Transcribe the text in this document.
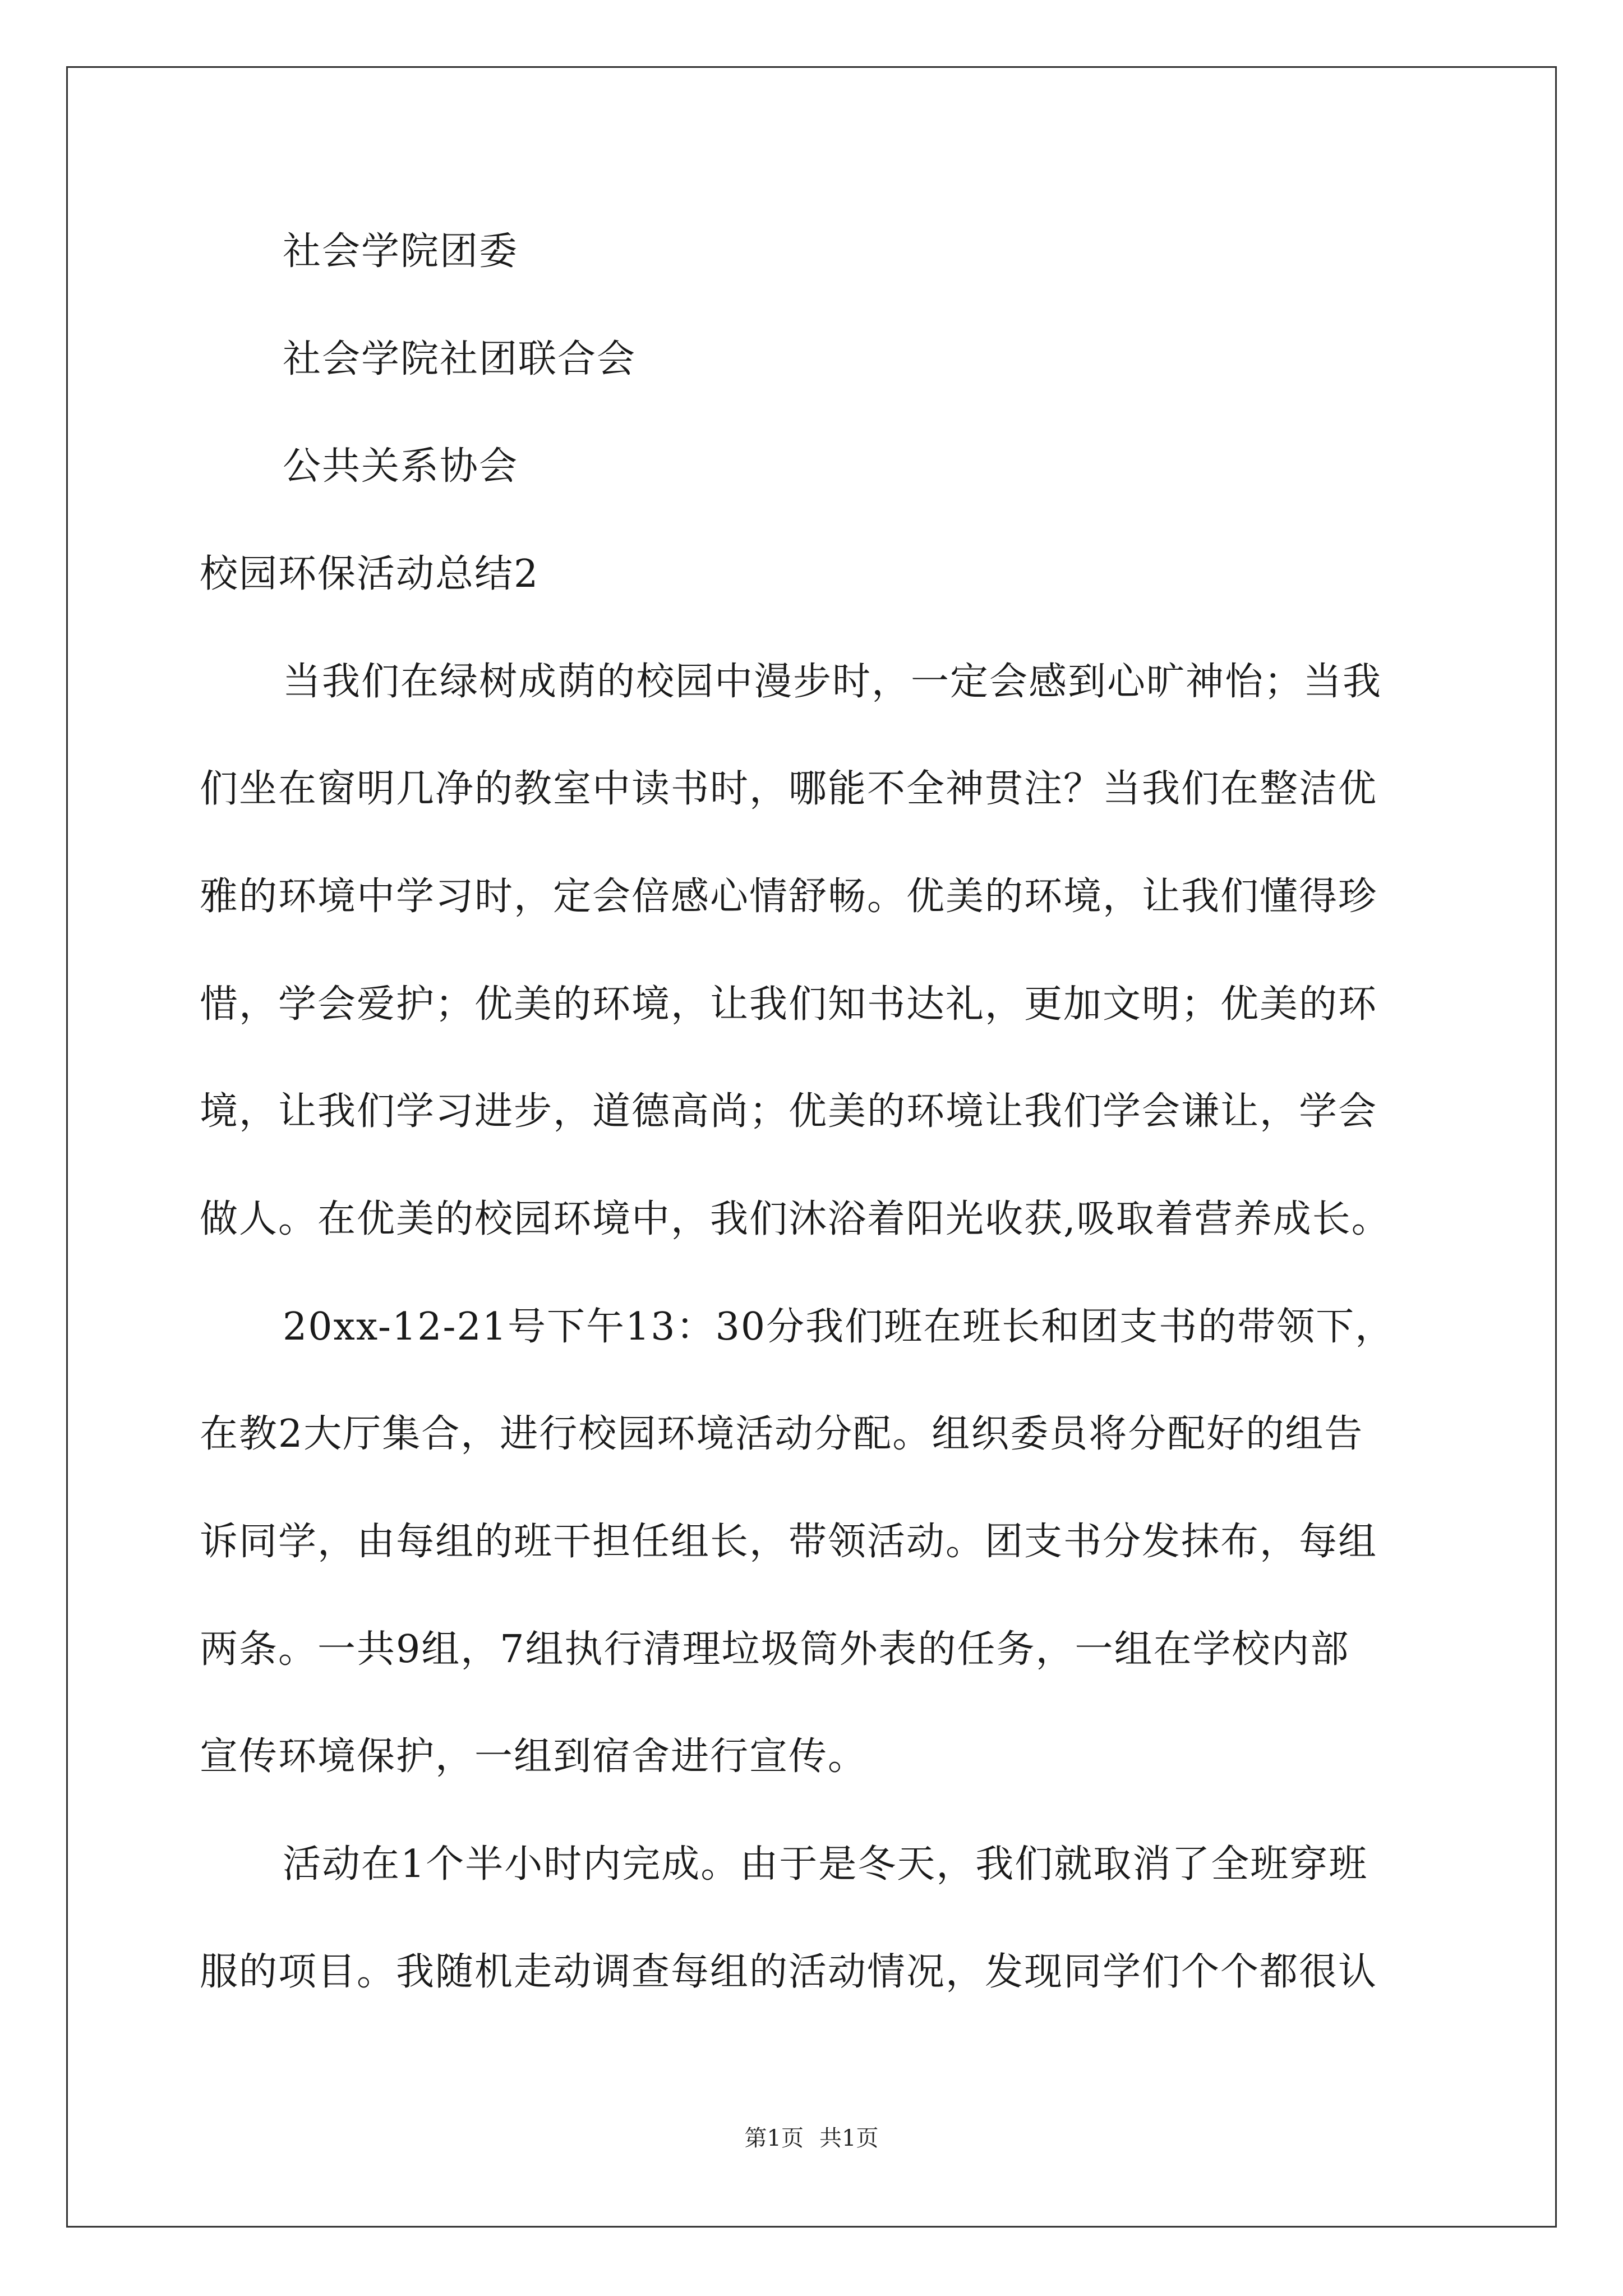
社会学院团委
社会学院社团联合会
公共关系协会
校园环保活动总结2
当我们在绿树成荫的校园中漫步时，一定会感到心旷神怡；当我
们坐在窗明几净的教室中读书时，哪能不全神贯注？当我们在整洁优
雅的环境中学习时，定会倍感心情舒畅。优美的环境，让我们懂得珍
惜，学会爱护；优美的环境，让我们知书达礼，更加文明；优美的环
境，让我们学习进步，道德高尚；优美的环境让我们学会谦让，学会
做人。在优美的校园环境中，我们沐浴着阳光收获,吸取着营养成长。
20xx-12-21号下午13：30分我们班在班长和团支书的带领下，
在教2大厅集合，进行校园环境活动分配。组织委员将分配好的组告
诉同学，由每组的班干担任组长，带领活动。团支书分发抹布，每组
两条。一共9组，7组执行清理垃圾筒外表的任务，一组在学校内部
宣传环境保护，一组到宿舍进行宣传。
活动在1个半小时内完成。由于是冬天，我们就取消了全班穿班
服的项目。我随机走动调查每组的活动情况，发现同学们个个都很认
第1页 共1页
